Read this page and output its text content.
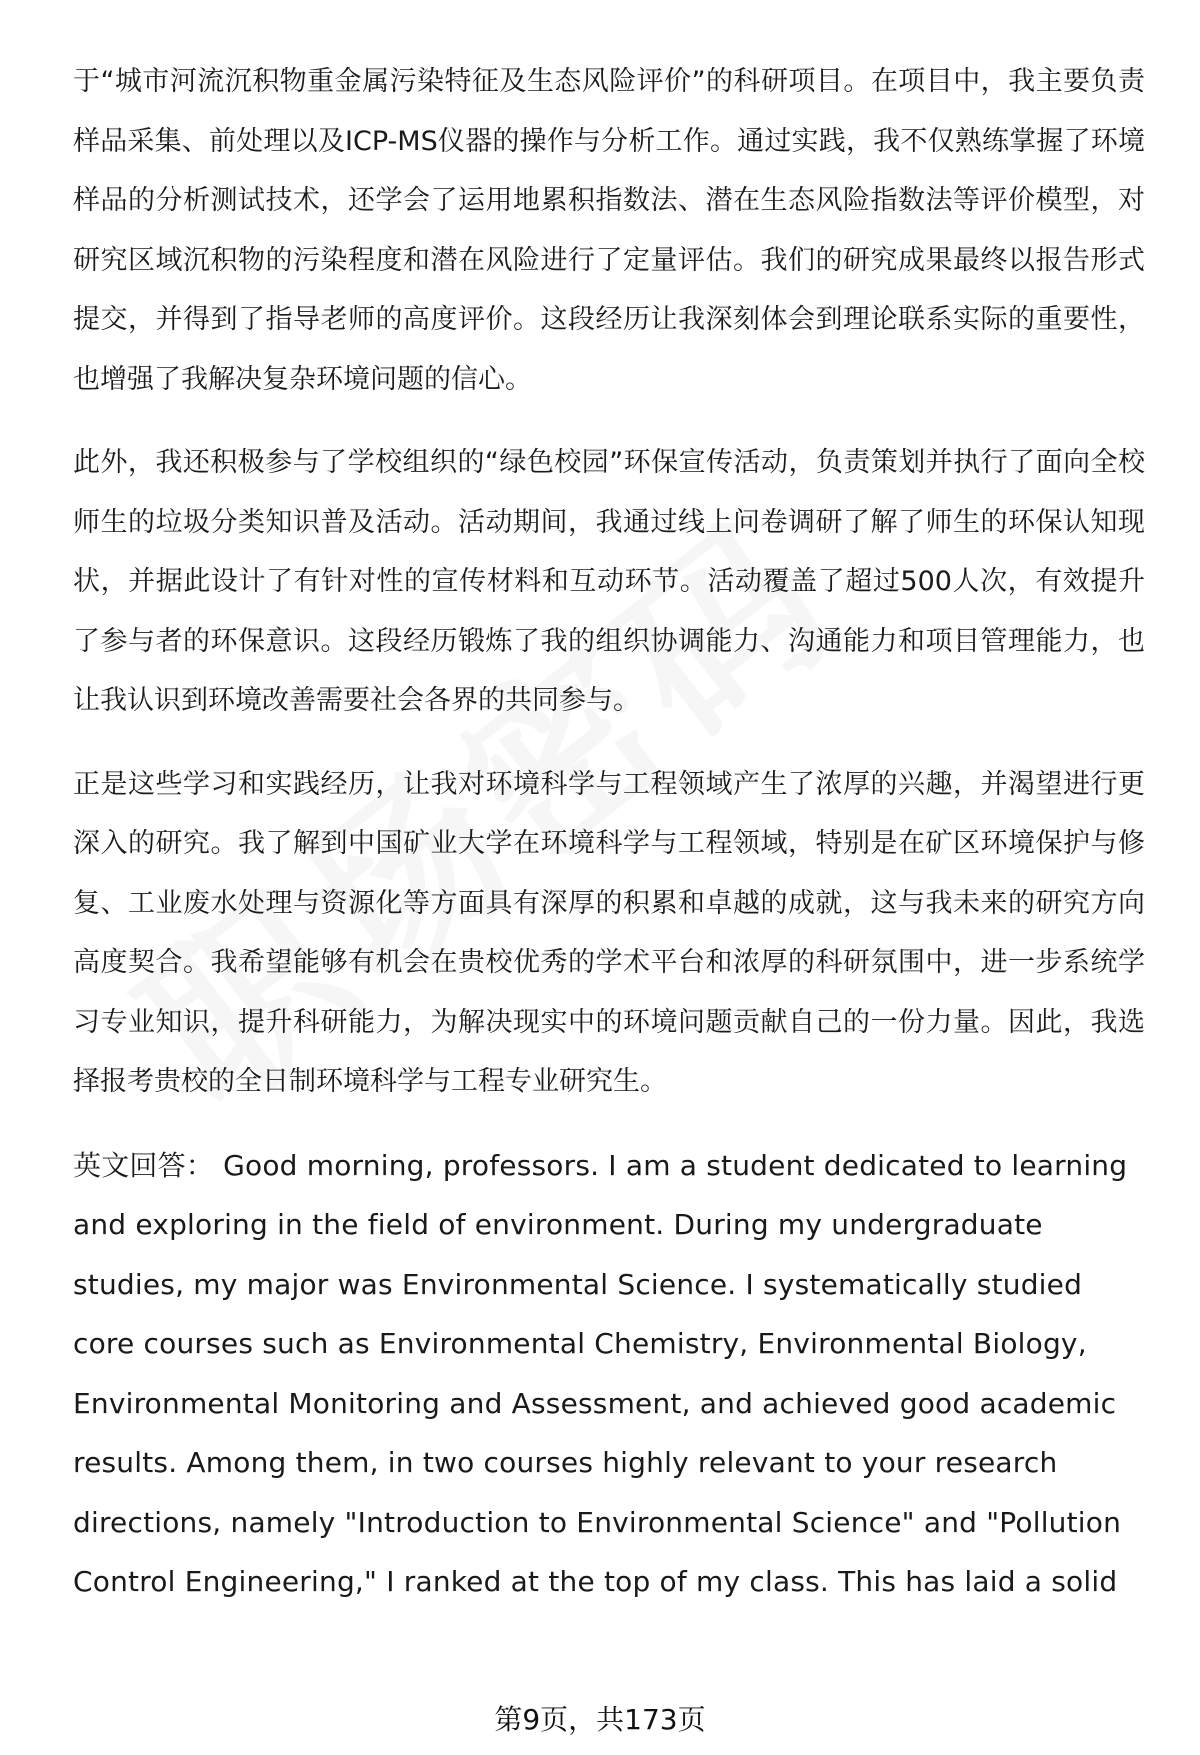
于“城市河流沉积物重金属污染特征及生态风险评价”的科研项目。在项目中，我主要负责样品采集、前处理以及ICP-MS仪器的操作与分析工作。通过实践，我不仅熟练掌握了环境样品的分析测试技术，还学会了运用地累积指数法、潜在生态风险指数法等评价模型，对研究区域沉积物的污染程度和潜在风险进行了定量评估。我们的研究成果最终以报告形式提交，并得到了指导老师的高度评价。这段经历让我深刻体会到理论联系实际的重要性，也增强了我解决复杂环境问题的信心。

此外，我还积极参与了学校组织的“绿色校园”环保宣传活动，负责策划并执行了面向全校师生的垃圾分类知识普及活动。活动期间，我通过线上问卷调研了解了师生的环保认知现状，并据此设计了有针对性的宣传材料和互动环节。活动覆盖了超过500人次，有效提升了参与者的环保意识。这段经历锻炼了我的组织协调能力、沟通能力和项目管理能力，也让我认识到环境改善需要社会各界的共同参与。

正是这些学习和实践经历，让我对环境科学与工程领域产生了浓厚的兴趣，并渴望进行更深入的研究。我了解到中国矿业大学在环境科学与工程领域，特别是在矿区环境保护与修复、工业废水处理与资源化等方面具有深厚的积累和卓越的成就，这与我未来的研究方向高度契合。我希望能够有机会在贵校优秀的学术平台和浓厚的科研氛围中，进一步系统学习专业知识，提升科研能力，为解决现实中的环境问题贡献自己的一份力量。因此，我选择报考贵校的全日制环境科学与工程专业研究生。

英文回答： Good morning, professors. I am a student dedicated to learning and exploring in the field of environment. During my undergraduate studies, my major was Environmental Science. I systematically studied core courses such as Environmental Chemistry, Environmental Biology, Environmental Monitoring and Assessment, and achieved good academic results. Among them, in two courses highly relevant to your research directions, namely "Introduction to Environmental Science" and "Pollution Control Engineering," I ranked at the top of my class. This has laid a solid

第9页，共173页
